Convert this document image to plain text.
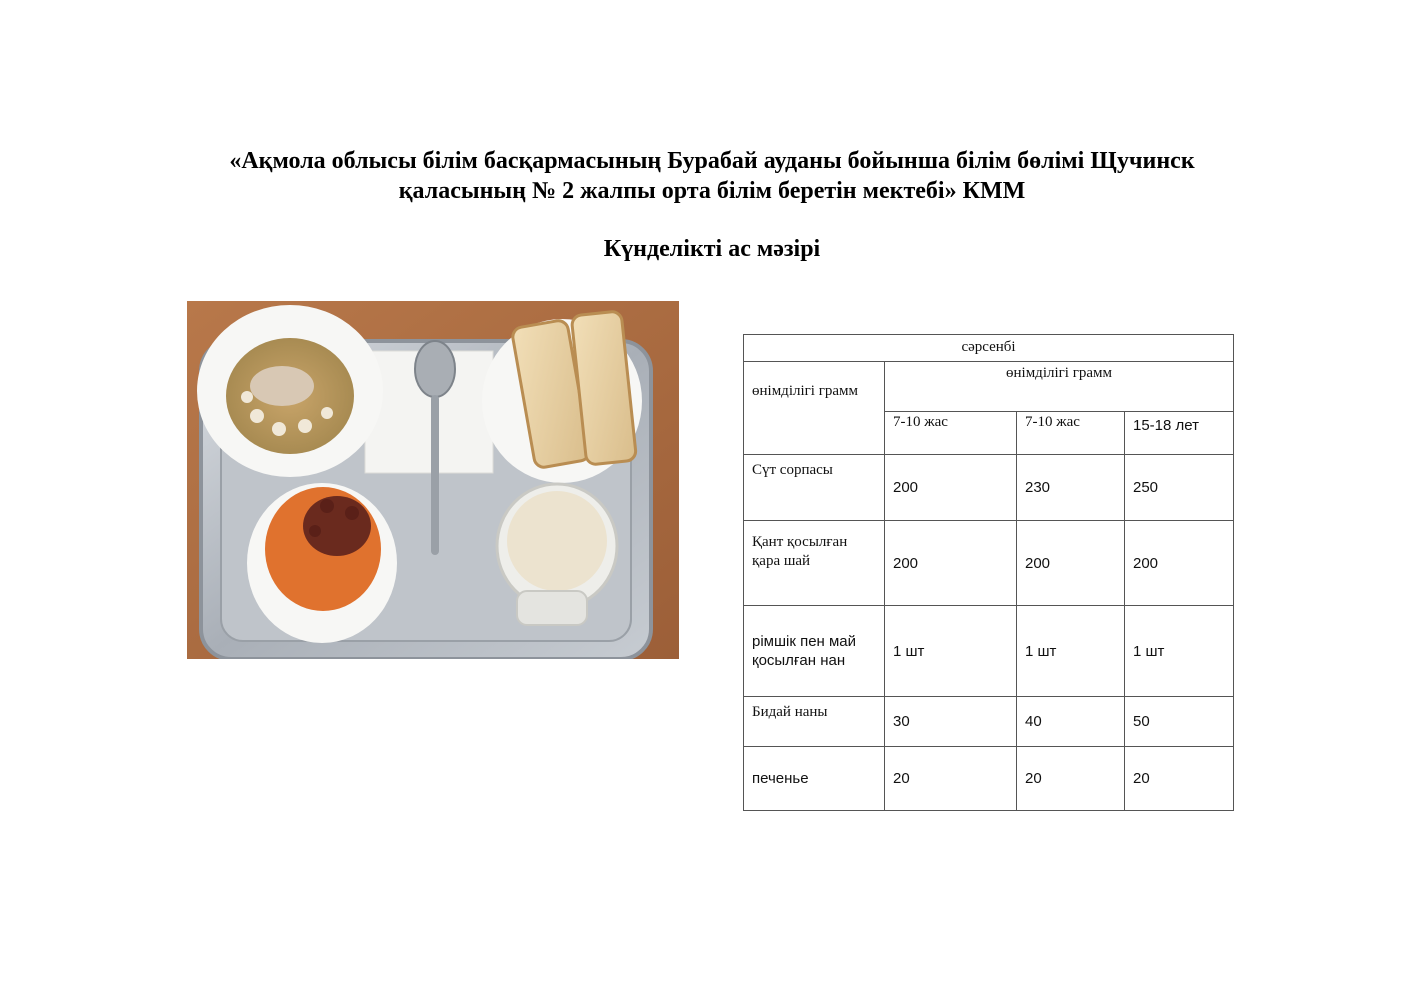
«Ақмола облысы білім басқармасының Бурабай ауданы бойынша білім бөлімі Щучинск
қаласының № 2 жалпы орта білім беретін мектебі» КММ
Күнделікті ас мәзірі
сәрсенбі			

өнімділігі грамм	өнімділігі грамм		

	7-10 жас	7-10 жас	15-18 лет

Сүт сорпасы	200	230	250

Қант қосылған қара шай	200	200	200

рімшік пен май қосылған нан	1 шт	1 шт	1 шт

Бидай наны	30	40	50

печенье	20	20	20
